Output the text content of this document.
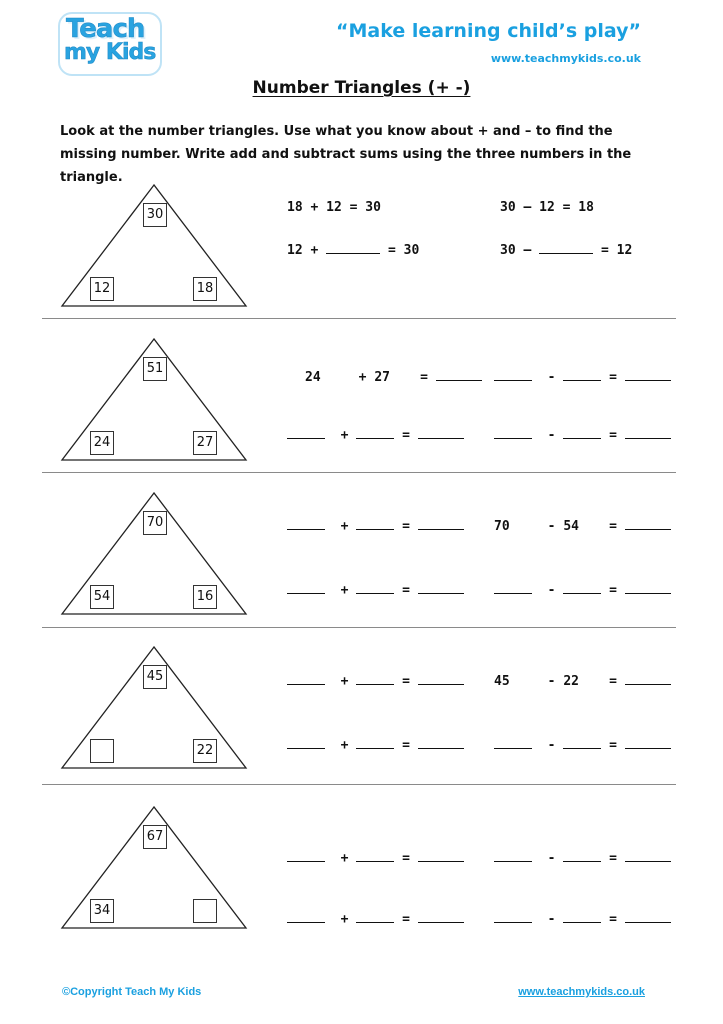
Teach
my Kids
“Make learning child’s play”
www.teachmykids.co.uk
Number Triangles (+ -)
Look at the number triangles. Use what you know about + and – to find the missing number. Write add and subtract sums using the three numbers in the triangle.
30
12	18
18 + 12 = 30	30 – 12 = 18
12 +	= 30	30 –	= 12
51
24	27
24	+ 27 =	-	=
+	=	-	=
70
54	16
+	=	70	- 54 =
+	=	-	=
45
22
+	=	45	- 22 =
+	=	-	=
67
34
+	=	-	=
+	=	-	=
©Copyright Teach My Kids	www.teachmykids.co.uk
